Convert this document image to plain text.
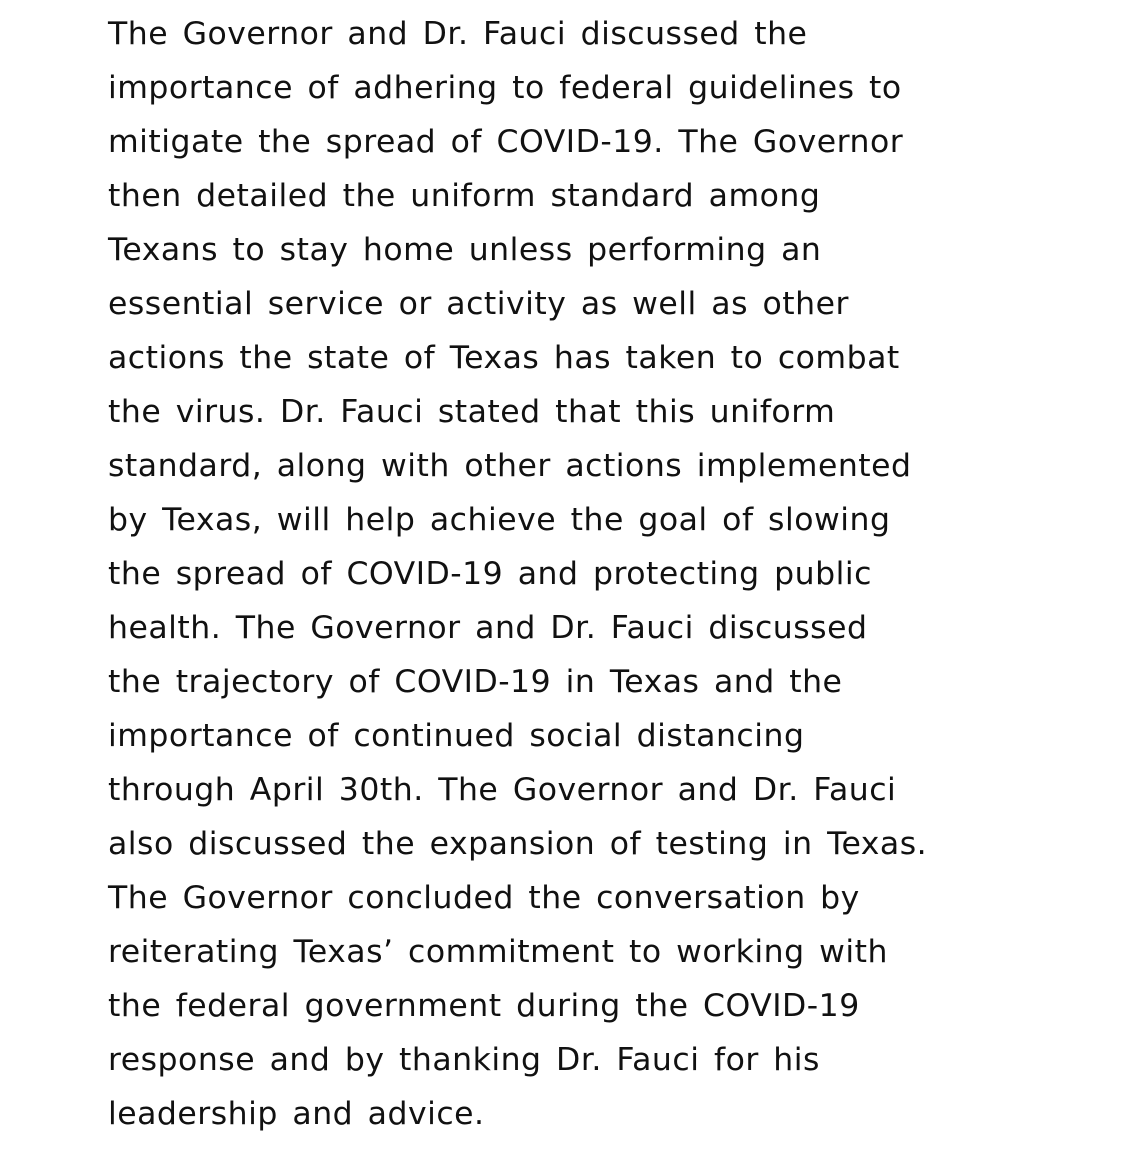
The Governor and Dr. Fauci discussed the
importance of adhering to federal guidelines to
mitigate the spread of COVID-19. The Governor
then detailed the uniform standard among
Texans to stay home unless performing an
essential service or activity as well as other
actions the state of Texas has taken to combat
the virus. Dr. Fauci stated that this uniform
standard, along with other actions implemented
by Texas, will help achieve the goal of slowing
the spread of COVID-19 and protecting public
health. The Governor and Dr. Fauci discussed
the trajectory of COVID-19 in Texas and the
importance of continued social distancing
through April 30th. The Governor and Dr. Fauci
also discussed the expansion of testing in Texas.
The Governor concluded the conversation by
reiterating Texas’ commitment to working with
the federal government during the COVID-19
response and by thanking Dr. Fauci for his
leadership and advice.
